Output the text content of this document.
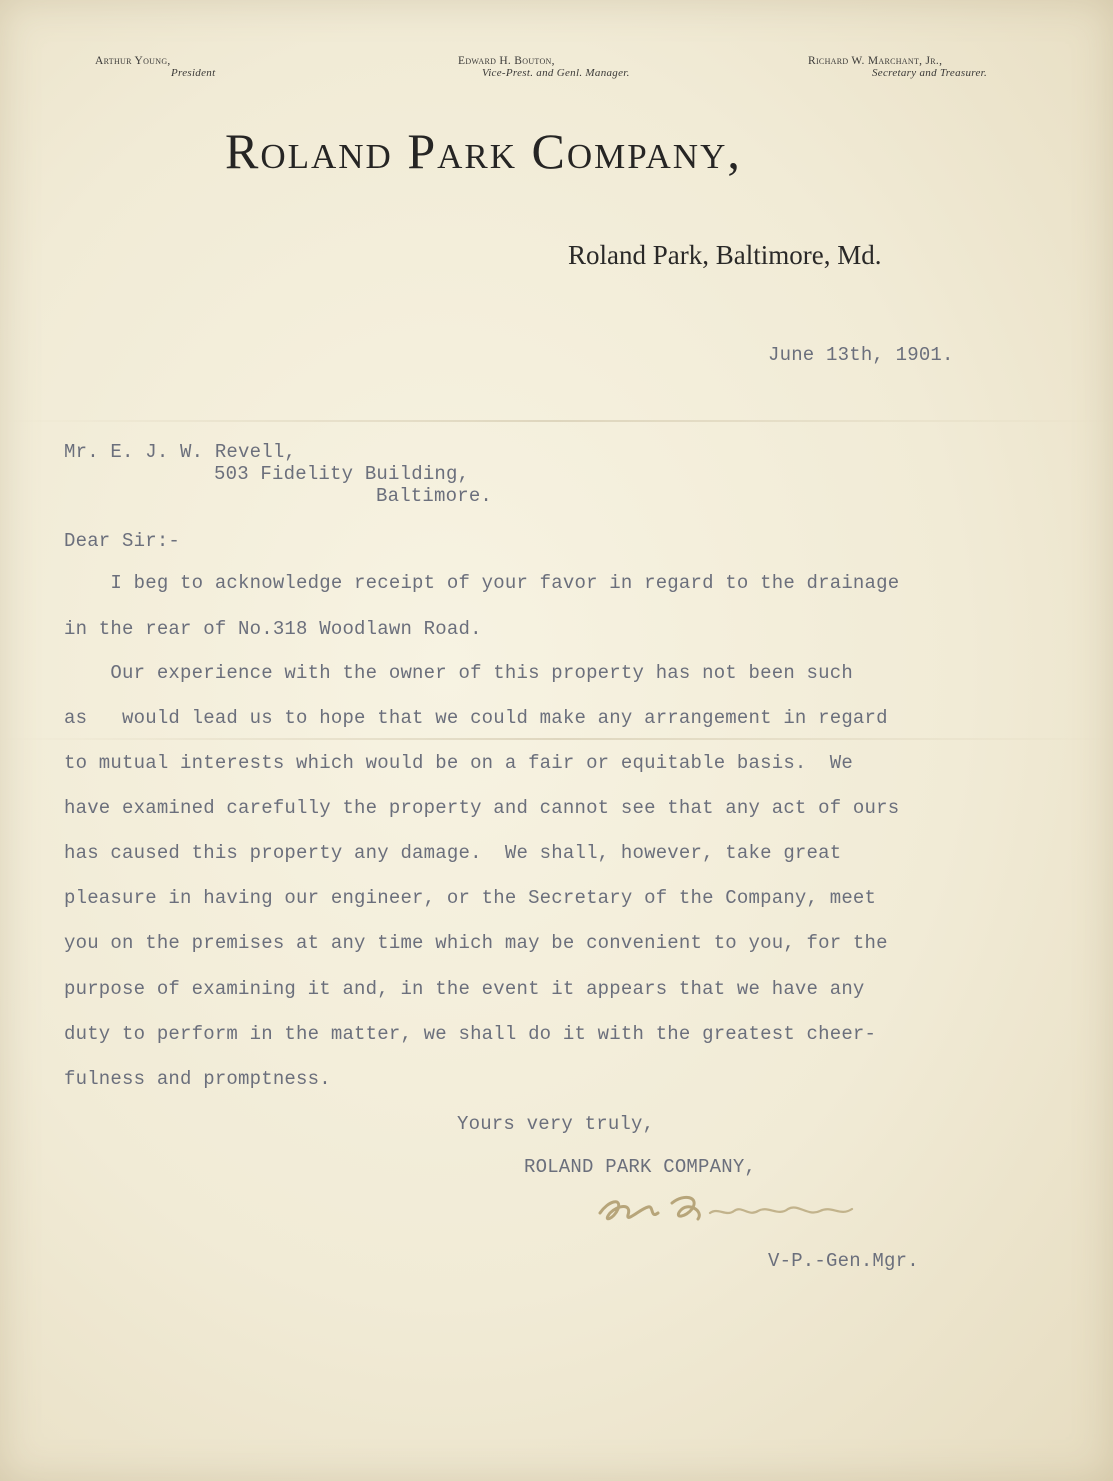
Arthur Young,
President
Edward H. Bouton,
Vice-Prest. and Genl. Manager.
Richard W. Marchant, Jr.,
Secretary and Treasurer.
Roland Park Company,
Roland Park, Baltimore, Md.
June 13th, 1901.
Mr. E. J. W. Revell,
503 Fidelity Building,
Baltimore.
Dear Sir:-
I beg to acknowledge receipt of your favor in regard to the drainage
in the rear of No.318 Woodlawn Road.
Our experience with the owner of this property has not been such
as   would lead us to hope that we could make any arrangement in regard
to mutual interests which would be on a fair or equitable basis.  We
have examined carefully the property and cannot see that any act of ours
has caused this property any damage.  We shall, however, take great
pleasure in having our engineer, or the Secretary of the Company, meet
you on the premises at any time which may be convenient to you, for the
purpose of examining it and, in the event it appears that we have any
duty to perform in the matter, we shall do it with the greatest cheer-
fulness and promptness.
Yours very truly,
ROLAND PARK COMPANY,
V-P.-Gen.Mgr.
